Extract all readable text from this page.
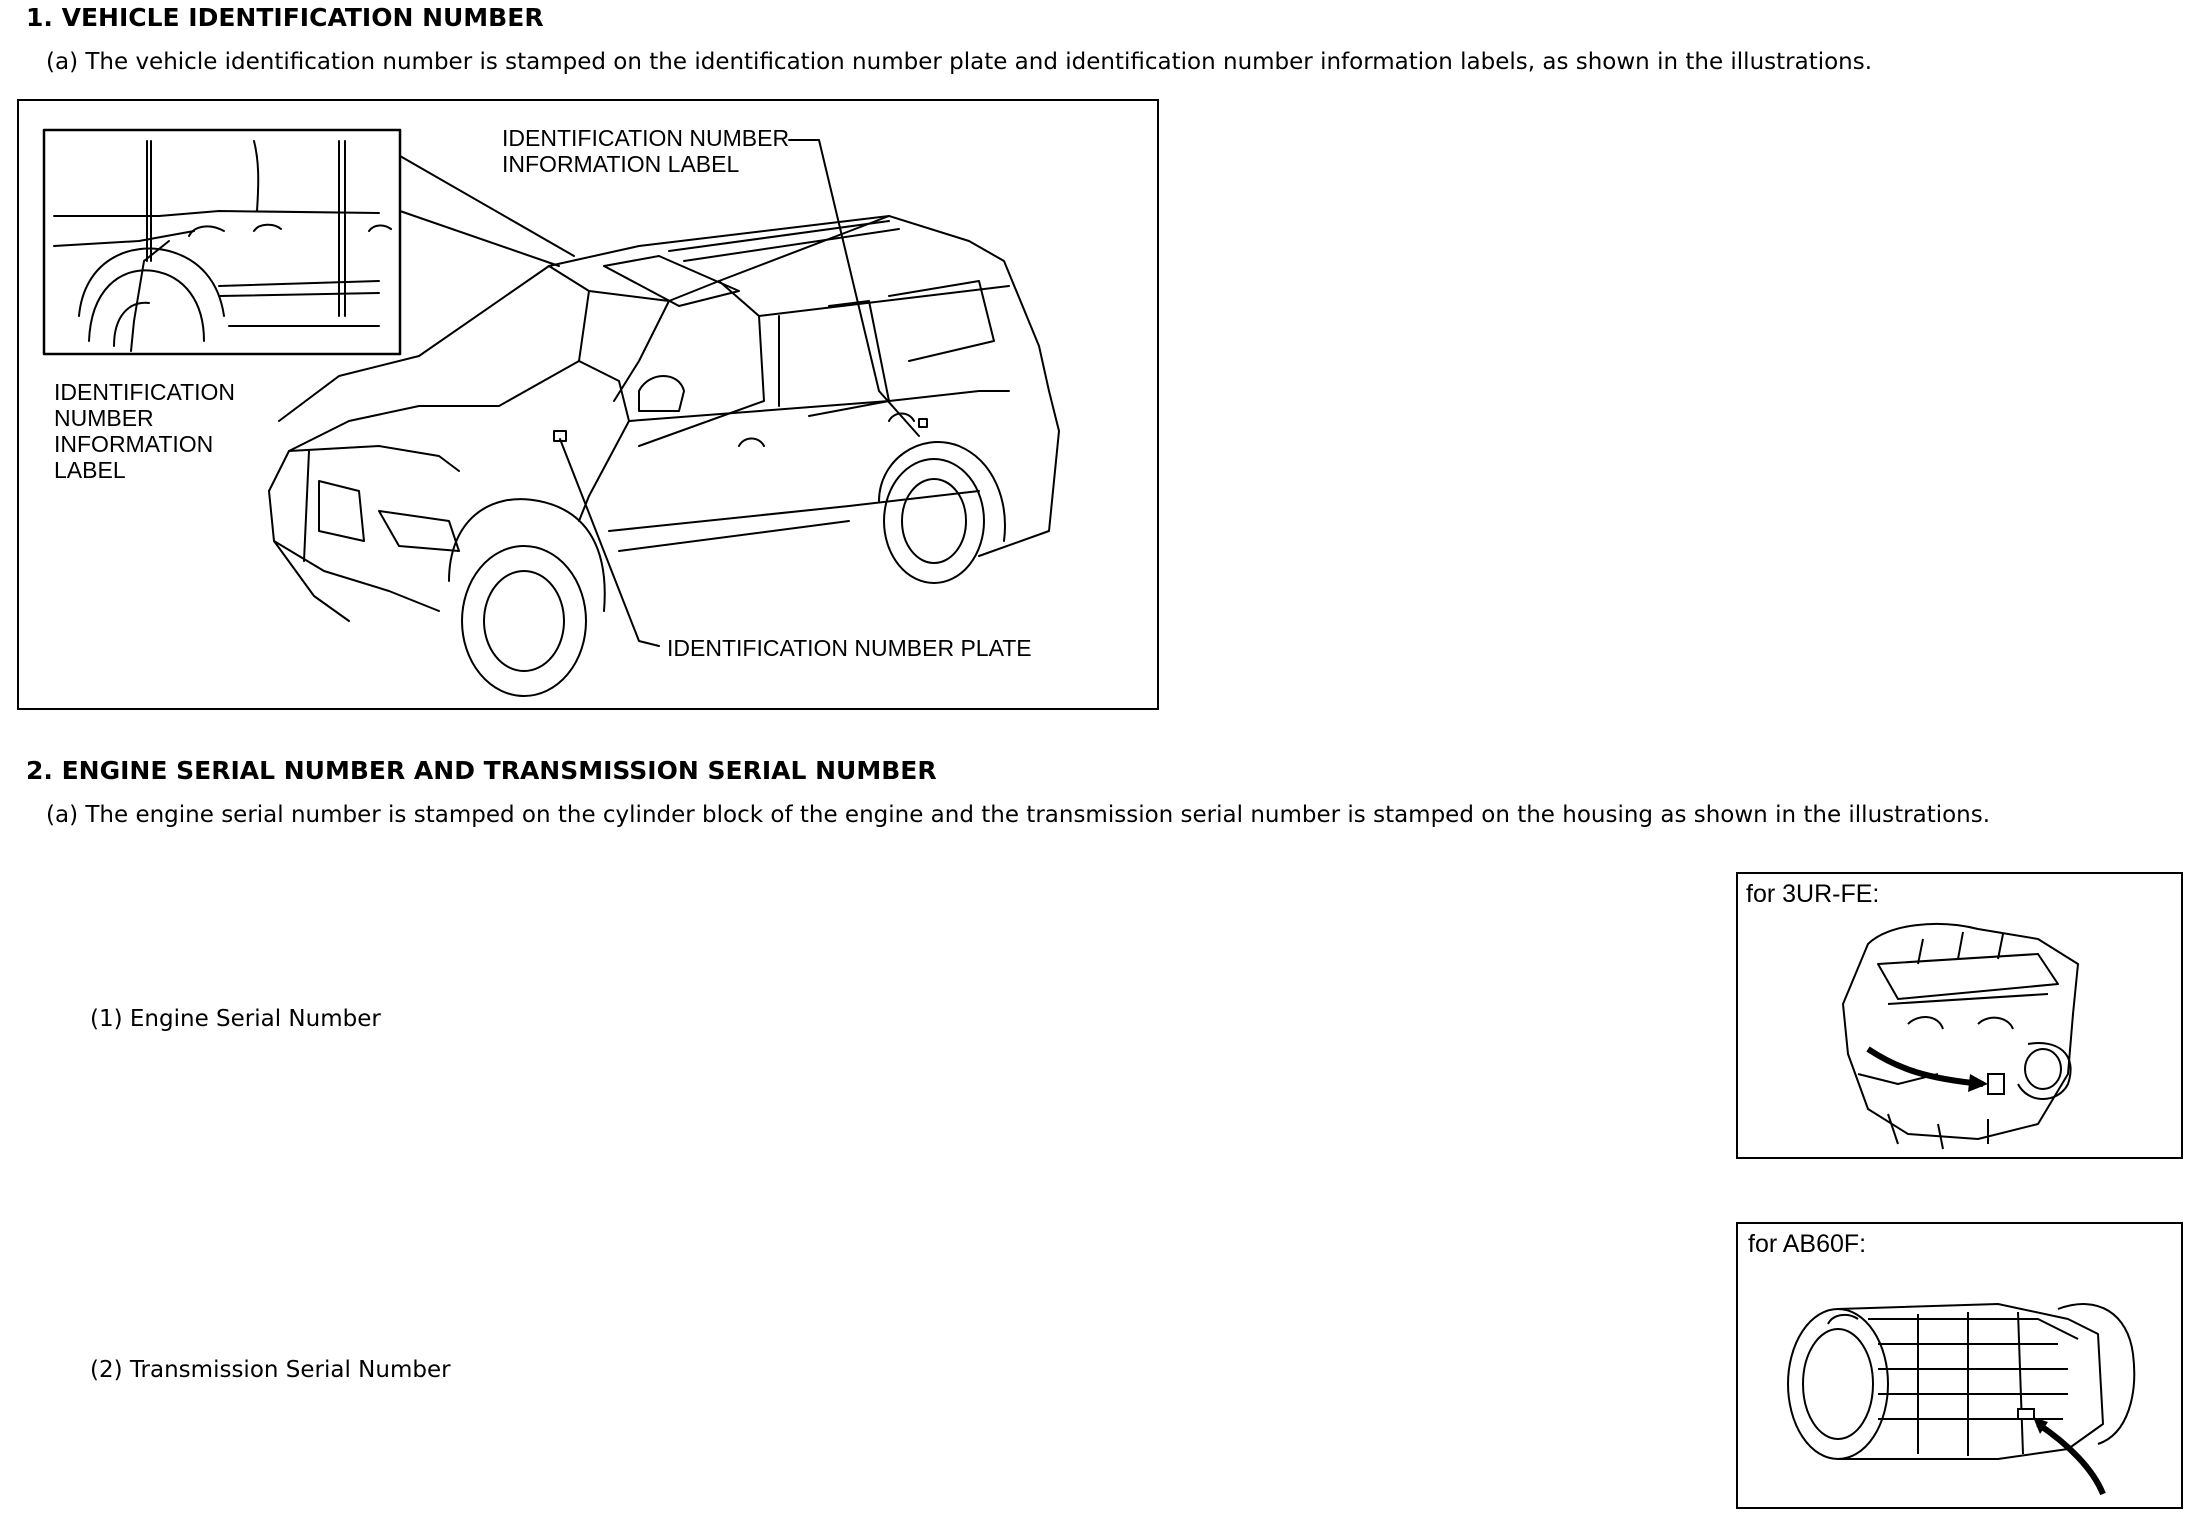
1. VEHICLE IDENTIFICATION NUMBER
(a) The vehicle identification number is stamped on the identification number plate and identification number information labels, as shown in the illustrations.
IDENTIFICATION NUMBER
INFORMATION LABEL
IDENTIFICATION
NUMBER
INFORMATION
LABEL
IDENTIFICATION NUMBER PLATE
2. ENGINE SERIAL NUMBER AND TRANSMISSION SERIAL NUMBER
(a) The engine serial number is stamped on the cylinder block of the engine and the transmission serial number is stamped on the housing as shown in the illustrations.
(1) Engine Serial Number
(2) Transmission Serial Number
for 3UR-FE:
for AB60F:
